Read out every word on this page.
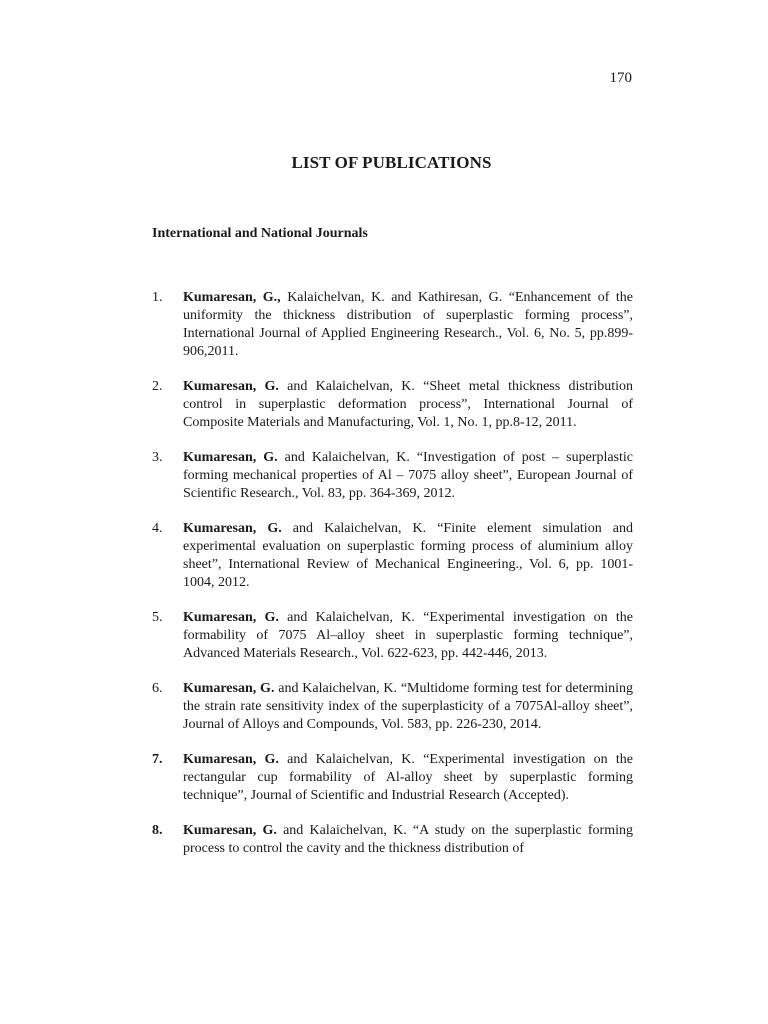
170
LIST OF PUBLICATIONS
International and National Journals
1.	Kumaresan, G., Kalaichelvan, K. and Kathiresan, G. “Enhancement of the uniformity the thickness distribution of superplastic forming process”, International Journal of Applied Engineering Research., Vol. 6, No. 5, pp.899-906,2011.
2.	Kumaresan, G. and Kalaichelvan, K. “Sheet metal thickness distribution control in superplastic deformation process”, International Journal of Composite Materials and Manufacturing, Vol. 1, No. 1, pp.8-12, 2011.
3.	Kumaresan, G. and Kalaichelvan, K. “Investigation of post – superplastic forming mechanical properties of Al – 7075 alloy sheet”, European Journal of Scientific Research., Vol. 83, pp. 364-369, 2012.
4.	Kumaresan, G. and Kalaichelvan, K. “Finite element simulation and experimental evaluation on superplastic forming process of aluminium alloy sheet”, International Review of Mechanical Engineering., Vol. 6, pp. 1001-1004, 2012.
5.	Kumaresan, G. and Kalaichelvan, K. “Experimental investigation on the formability of 7075 Al–alloy sheet in superplastic forming technique”, Advanced Materials Research., Vol. 622-623, pp. 442-446, 2013.
6.	Kumaresan, G. and Kalaichelvan, K. “Multidome forming test for determining the strain rate sensitivity index of the superplasticity of a 7075Al-alloy sheet”, Journal of Alloys and Compounds, Vol. 583, pp. 226-230, 2014.
7.	Kumaresan, G. and Kalaichelvan, K. “Experimental investigation on the rectangular cup formability of Al-alloy sheet by superplastic forming technique”, Journal of Scientific and Industrial Research (Accepted).
8.	Kumaresan, G. and Kalaichelvan, K. “A study on the superplastic forming process to control the cavity and the thickness distribution of
